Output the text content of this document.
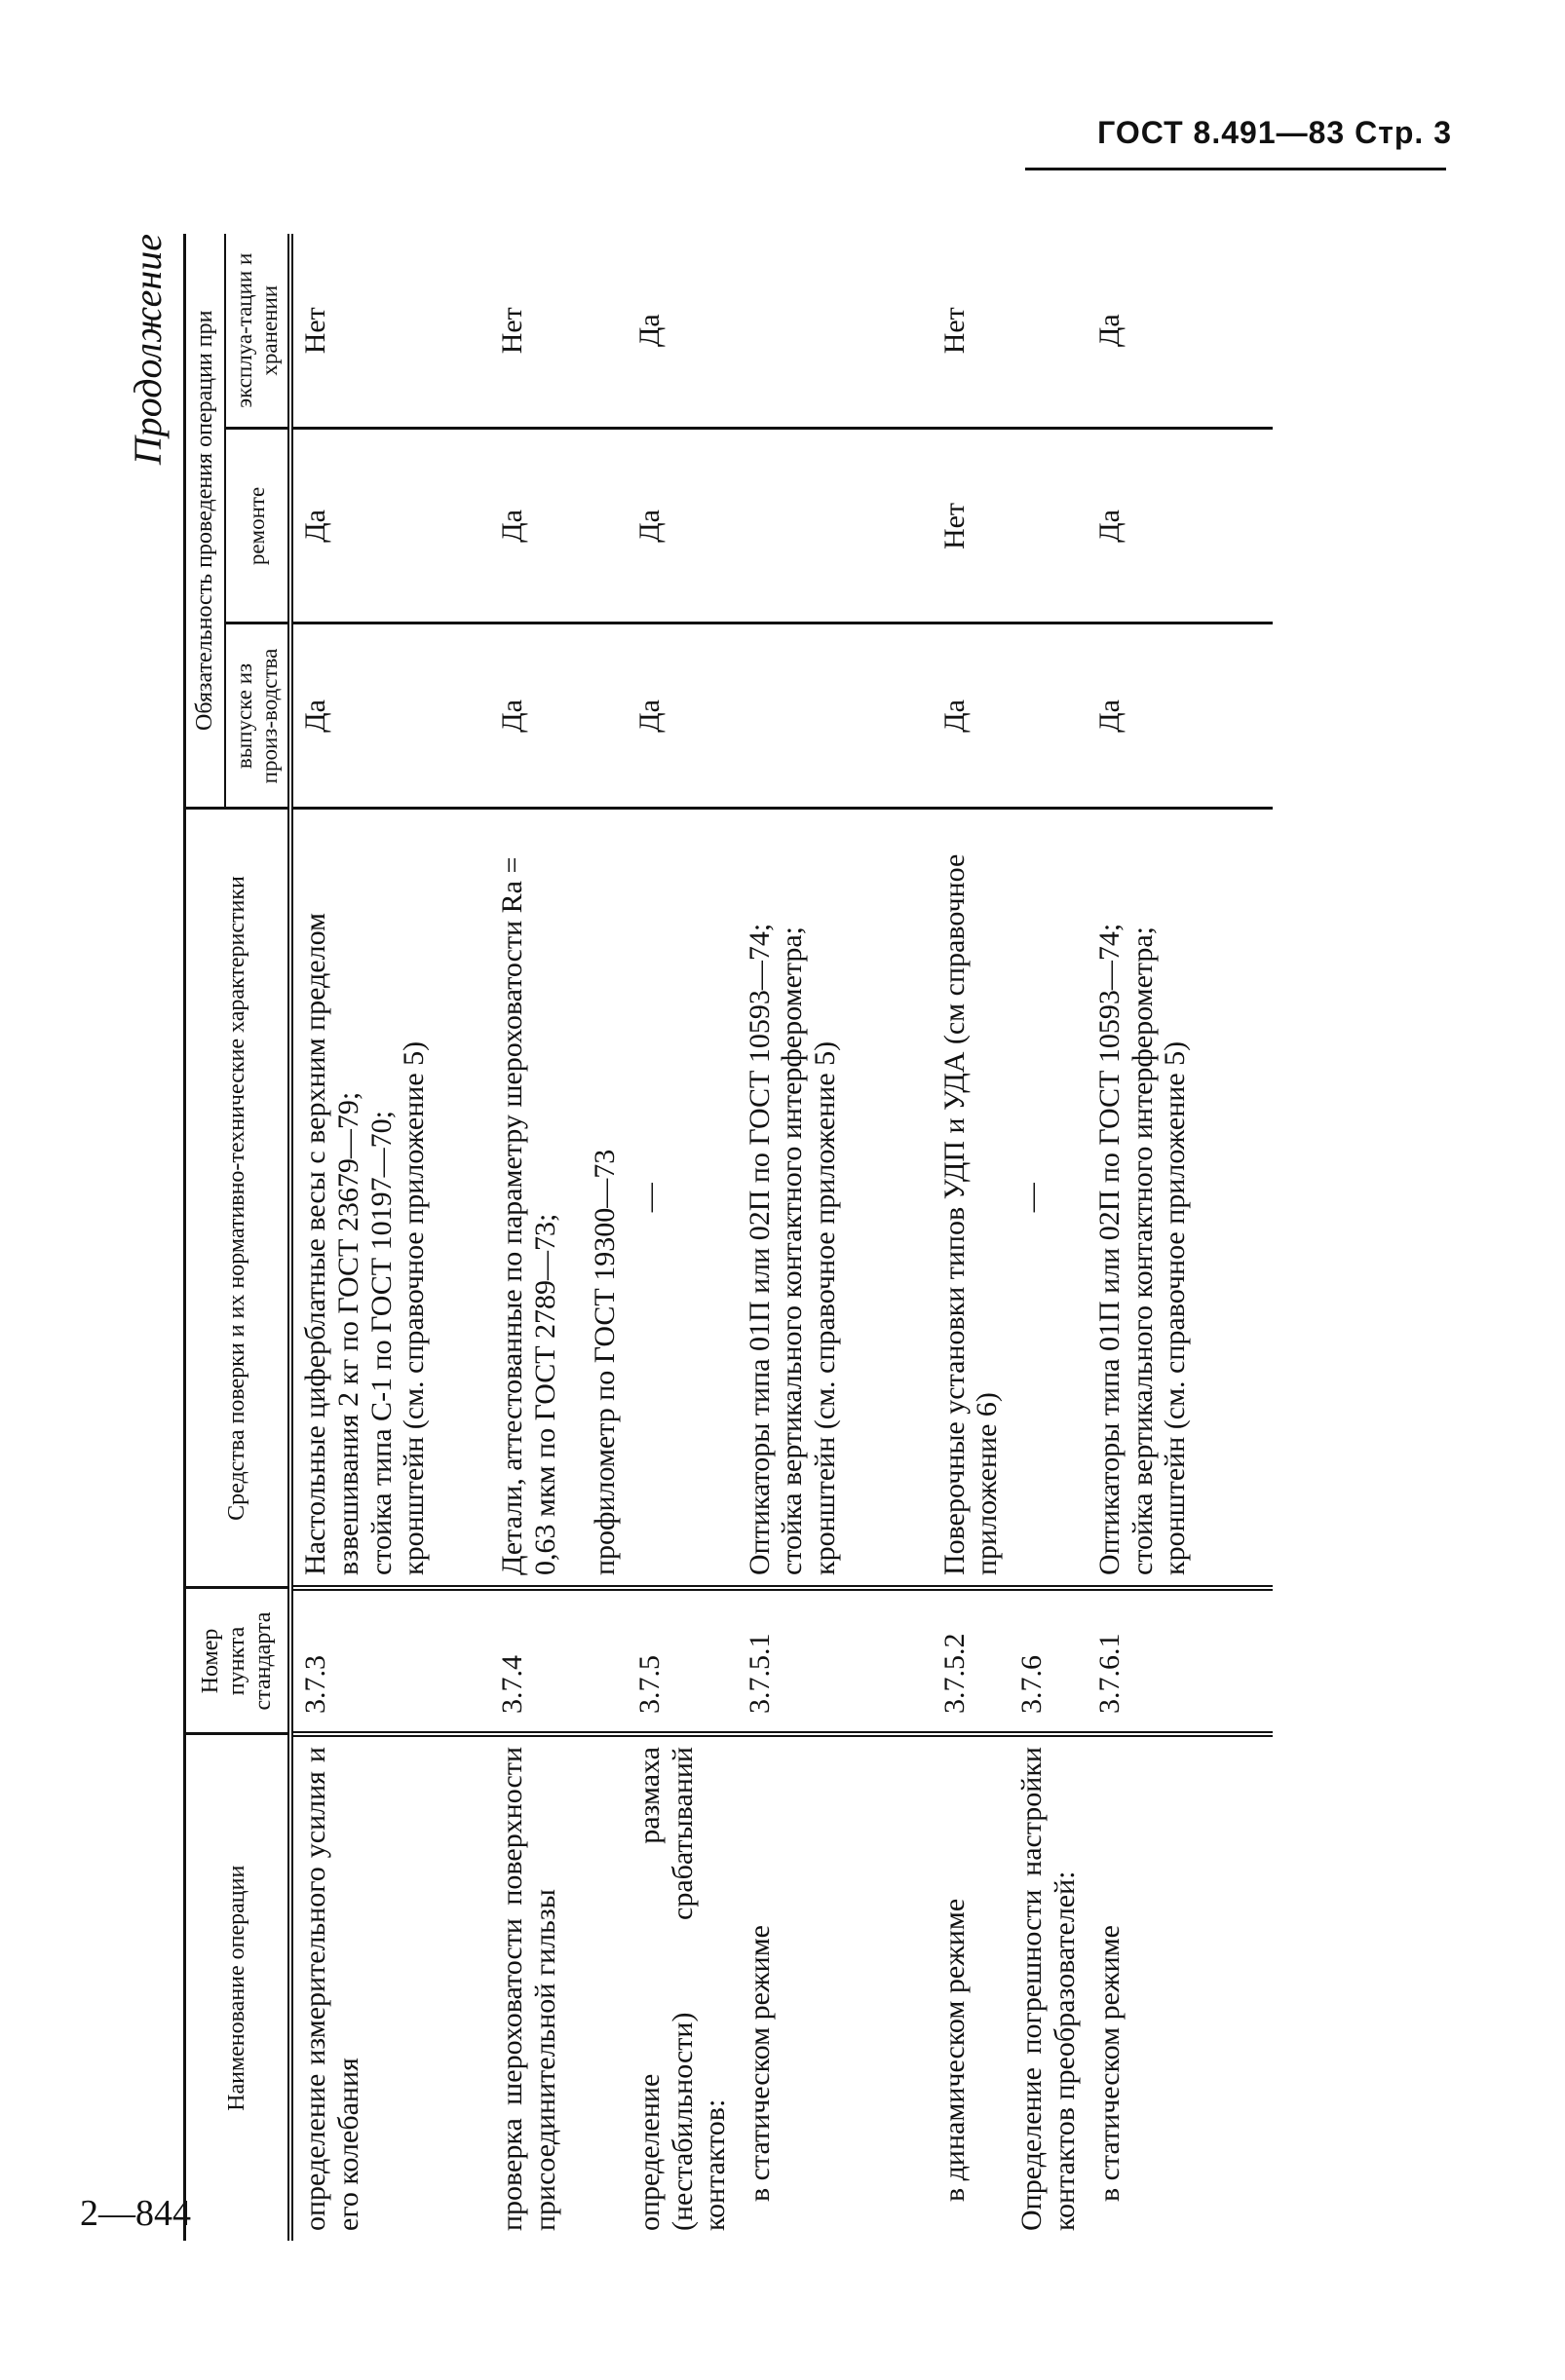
ГОСТ 8.491—83 Стр. 3
2—844
Продолжение
Наименование операции	Номер пункта стандарта	Средства поверки и их нормативно-технические характеристики	Обязательность проведения операции при		
			выпуске из произ-водства	ремонте	эксплуа-тации и хранении
определение измерительного усилия и его колебания	3.7.3	Настольные циферблатные весы с верхним пределом взвешивания 2 кг по ГОСТ 23679—79; стойка типа С-1 по ГОСТ 10197—70; кронштейн (см. справочное приложение 5)	Да	Да	Нет
проверка шероховатости поверхности присоединительной гильзы	3.7.4	Детали, аттестованные по параметру шероховатости Ra = 0,63 мкм по ГОСТ 2789—73;	Да	Да	Нет

		профилометр по ГОСТ 19300—73			

определение размаха (нестабильности) срабатываний контактов:	3.7.5	—	Да	Да	Да
в статическом режиме	3.7.5.1	Оптикаторы типа 01П или 02П по ГОСТ 10593—74; стойка вертикального контактного интерферометра; кронштейн (см. справочное приложение 5)			

в динамическом режиме	3.7.5.2	Поверочные установки типов УДП и УДА (см справочное приложение 6)	Да	Нет	Нет
Определение погрешности настройки контактов преобразователей:	3.7.6	—			

в статическом режиме	3.7.6.1	Оптикаторы типа 01П или 02П по ГОСТ 10593—74; стойка вертикального контактного интерферометра; кронштейн (см. справочное приложение 5)	Да	Да	Да
